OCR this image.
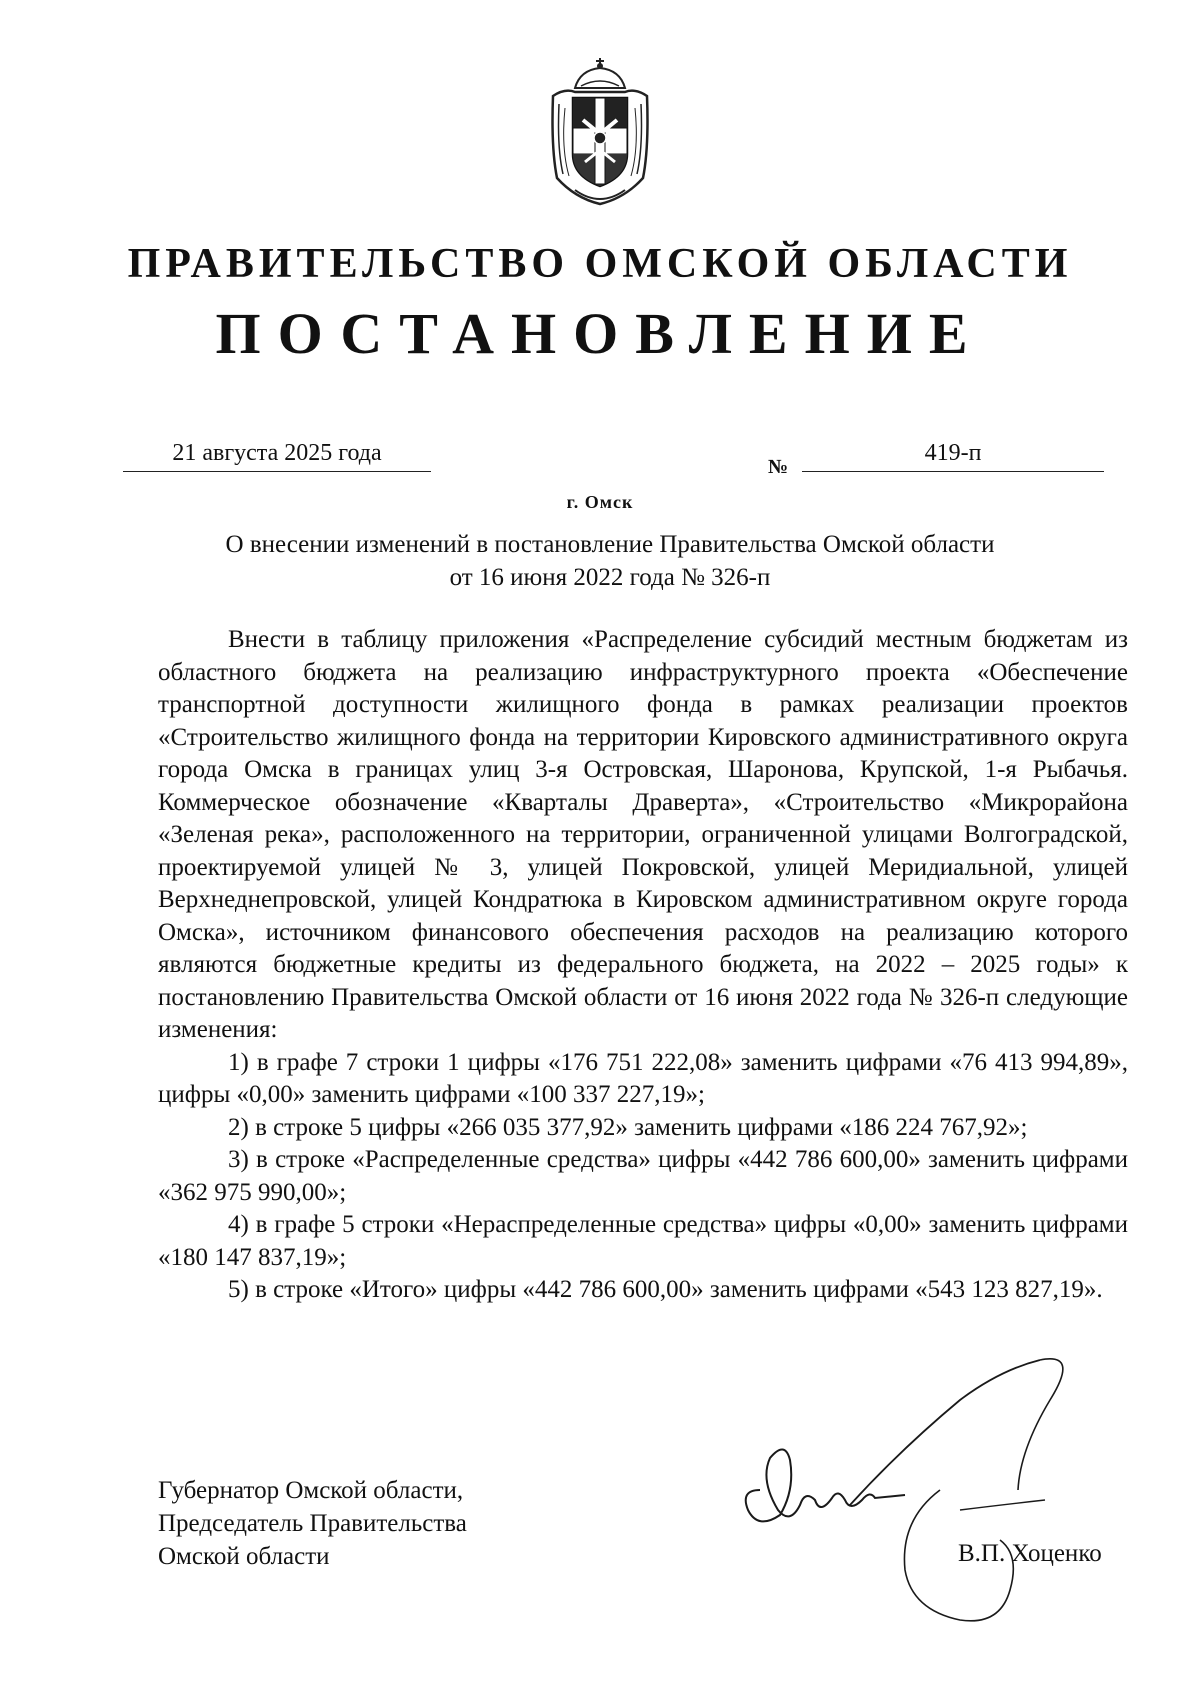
ПРАВИТЕЛЬСТВО ОМСКОЙ ОБЛАСТИ
ПОСТАНОВЛЕНИЕ
21 августа 2025 года
№
419-п
г. Омск
О внесении изменений в постановление Правительства Омской области
от 16 июня 2022 года № 326-п

Внести в таблицу приложения «Распределение субсидий местным бюджетам из областного бюджета на реализацию инфраструктурного проекта «Обеспечение транспортной доступности жилищного фонда в рамках реализации проектов «Строительство жилищного фонда на территории Кировского административного округа города Омска в границах улиц 3-я Островская, Шаронова, Крупской, 1-я Рыбачья. Коммерческое обозначение «Кварталы Драверта», «Строительство «Микрорайона «Зеленая река», расположенного на территории, ограниченной улицами Волгоградской, проектируемой улицей № 3, улицей Покровской, улицей Меридиальной, улицей Верхнеднепровской, улицей Кондратюка в Кировском административном округе города Омска», источником финансового обеспечения расходов на реализацию которого являются бюджетные кредиты из федерального бюджета, на 2022 – 2025 годы» к постановлению Правительства Омской области от 16 июня 2022 года № 326-п следующие изменения:

1) в графе 7 строки 1 цифры «176 751 222,08» заменить цифрами «76 413 994,89», цифры «0,00» заменить цифрами «100 337 227,19»;

2) в строке 5 цифры «266 035 377,92» заменить цифрами «186 224 767,92»;

3) в строке «Распределенные средства» цифры «442 786 600,00» заменить цифрами «362 975 990,00»;

4) в графе 5 строки «Нераспределенные средства» цифры «0,00» заменить цифрами «180 147 837,19»;

5) в строке «Итого» цифры «442 786 600,00» заменить цифрами «543 123 827,19».

Губернатор Омской области,
Председатель Правительства
Омской области	В.П. Хоценко
